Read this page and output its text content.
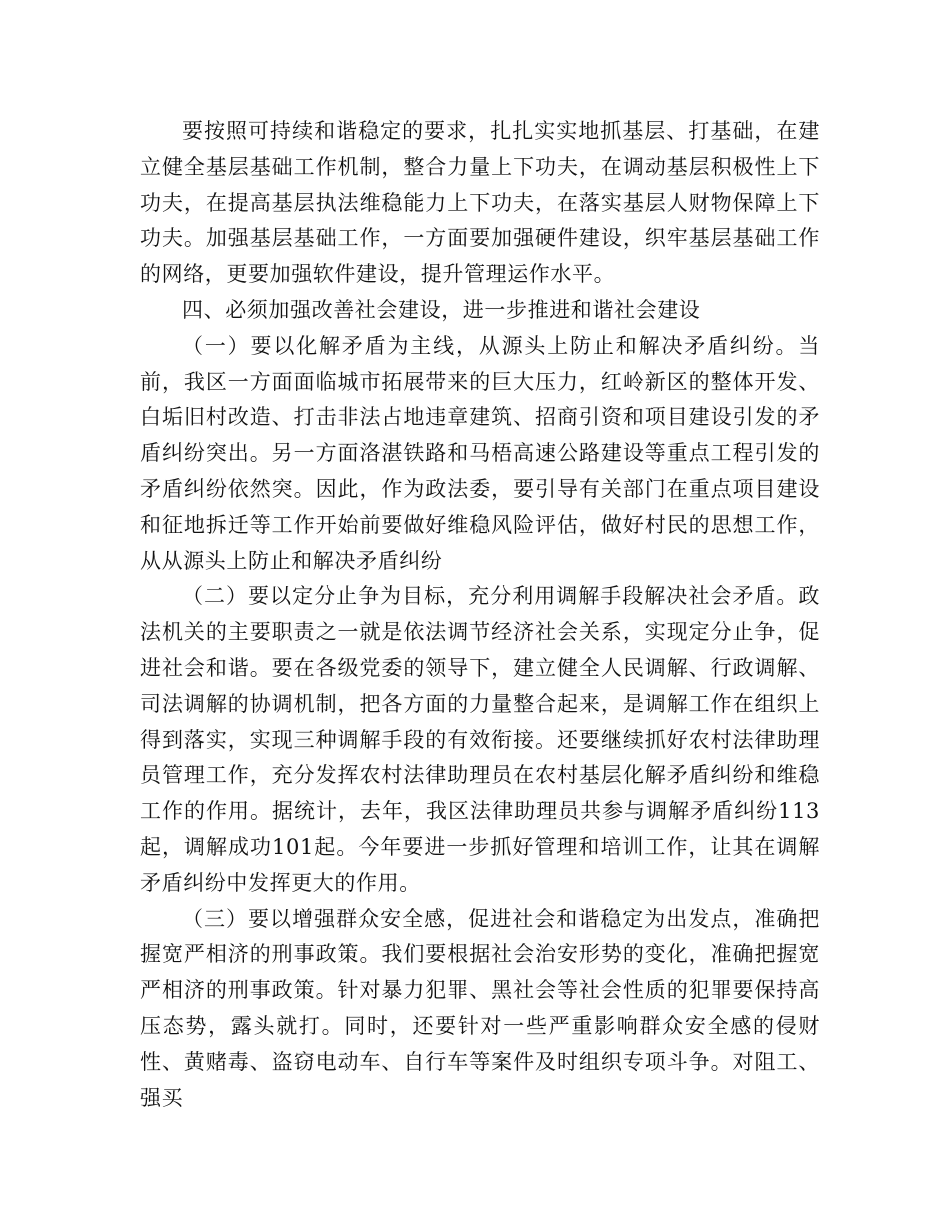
要按照可持续和谐稳定的要求，扎扎实实地抓基层、打基础，在建立健全基层基础工作机制，整合力量上下功夫，在调动基层积极性上下功夫，在提高基层执法维稳能力上下功夫，在落实基层人财物保障上下功夫。加强基层基础工作，一方面要加强硬件建设，织牢基层基础工作的网络，更要加强软件建设，提升管理运作水平。

四、必须加强改善社会建设，进一步推进和谐社会建设

（一）要以化解矛盾为主线，从源头上防止和解决矛盾纠纷。当前，我区一方面面临城市拓展带来的巨大压力，红岭新区的整体开发、白垢旧村改造、打击非法占地违章建筑、招商引资和项目建设引发的矛盾纠纷突出。另一方面洛湛铁路和马梧高速公路建设等重点工程引发的矛盾纠纷依然突。因此，作为政法委，要引导有关部门在重点项目建设和征地拆迁等工作开始前要做好维稳风险评估，做好村民的思想工作，从从源头上防止和解决矛盾纠纷

（二）要以定分止争为目标，充分利用调解手段解决社会矛盾。政法机关的主要职责之一就是依法调节经济社会关系，实现定分止争，促进社会和谐。要在各级党委的领导下，建立健全人民调解、行政调解、司法调解的协调机制，把各方面的力量整合起来，是调解工作在组织上得到落实，实现三种调解手段的有效衔接。还要继续抓好农村法律助理员管理工作，充分发挥农村法律助理员在农村基层化解矛盾纠纷和维稳工作的作用。据统计，去年，我区法律助理员共参与调解矛盾纠纷113起，调解成功101起。今年要进一步抓好管理和培训工作，让其在调解矛盾纠纷中发挥更大的作用。

（三）要以增强群众安全感，促进社会和谐稳定为出发点，准确把握宽严相济的刑事政策。我们要根据社会治安形势的变化，准确把握宽严相济的刑事政策。针对暴力犯罪、黑社会等社会性质的犯罪要保持高压态势，露头就打。同时，还要针对一些严重影响群众安全感的侵财性、黄赌毒、盗窃电动车、自行车等案件及时组织专项斗争。对阻工、强买
